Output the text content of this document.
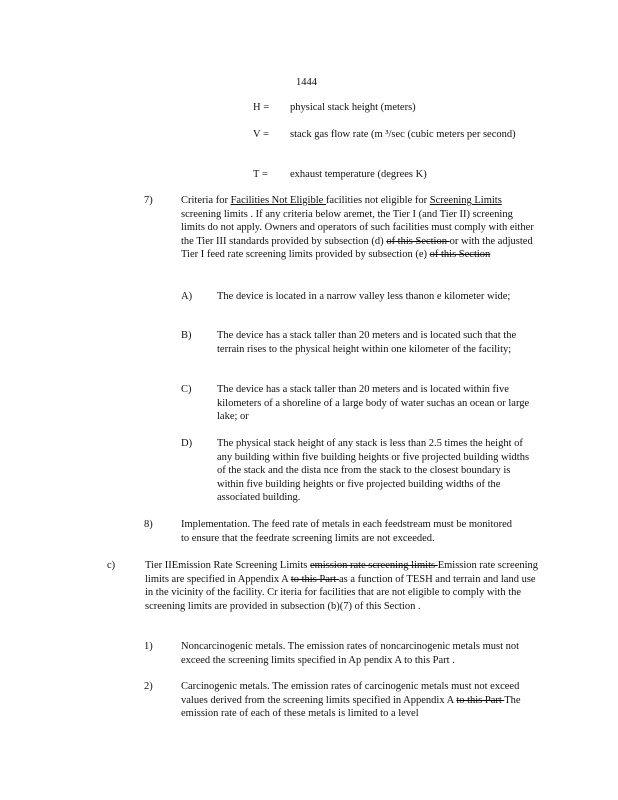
1444
H = physical stack height (meters)
V = stack gas flow rate (m ³/sec (cubic meters per second)
T = exhaust temperature (degrees K)
7)	Criteria for Facilities Not Eligible facilities not eligible for Screening Limits screening limits . If any criteria below aremet, the Tier I (and Tier II) screening limits do not apply. Owners and operators of such facilities must comply with either the Tier III standards provided by subsection (d) of this Section or with the adjusted Tier I feed rate screening limits provided by subsection (e) of this Section
A) The device is located in a narrow valley less thanon e kilometer wide;
B) The device has a stack taller than 20 meters and is located such that the terrain rises to the physical height within one kilometer of the facility;
C) The device has a stack taller than 20 meters and is located within five kilometers of a shoreline of a large body of water suchas an ocean or large lake; or
D) The physical stack height of any stack is less than 2.5 times the height of any building within five building heights or five projected building widths of the stack and the dista nce from the stack to the closest boundary is within five building heights or five projected building widths of the associated building.
8)	Implementation. The feed rate of metals in each feedstream must be monitored to ensure that the feedrate screening limits are not exceeded.
c)	Tier IIEmission Rate Screening Limits emission rate screening limits Emission rate screening limits are specified in Appendix A to this Part as a function of TESH and terrain and land use in the vicinity of the facility. Cr iteria for facilities that are not eligible to comply with the screening limits are provided in subsection (b)(7) of this Section .
1)	Noncarcinogenic metals. The emission rates of noncarcinogenic metals must not exceed the screening limits specified in Ap pendix A to this Part .
2)	Carcinogenic metals. The emission rates of carcinogenic metals must not exceed values derived from the screening limits specified in Appendix A to this Part The emission rate of each of these metals is limited to a level
